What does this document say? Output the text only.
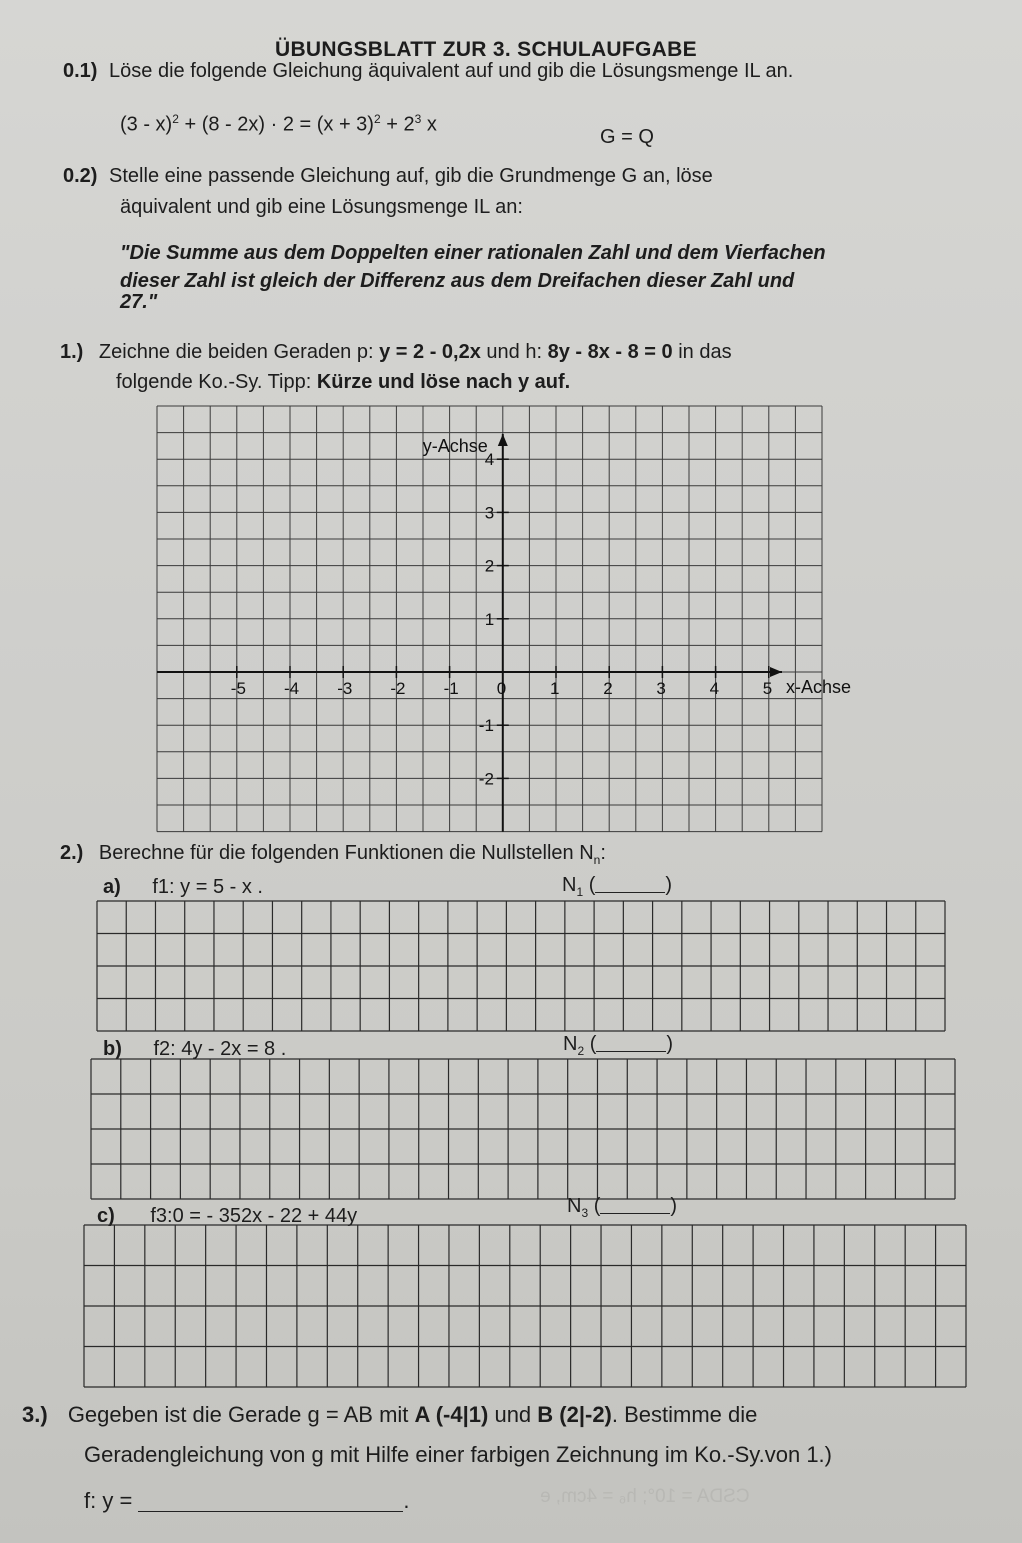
ÜBUNGSBLATT ZUR 3. SCHULAUFGABE
0.1) Löse die folgende Gleichung äquivalent auf und gib die Lösungsmenge IL an.
$(3 - x)^2 + (8 - 2x) \cdot 2 = (x + 3)^2 + 2^3$ x
G = Q
0.2) Stelle eine passende Gleichung auf, gib die Grundmenge G an, löse
äquivalent und gib eine Lösungsmenge IL an:
"Die Summe aus dem Doppelten einer rationalen Zahl und dem Vierfachen
dieser Zahl ist gleich der Differenz aus dem Dreifachen dieser Zahl und
27."
1.) Zeichne die beiden Geraden p: y = 2 - 0,2x und h: 8y - 8x - 8 = 0 in das
folgende Ko.-Sy. Tipp: Kürze und löse nach y auf.
-5 -4 -3 -2 -1 0	1	2	3	4	5
4
3
2
1
-1
-2
y-Achse
x-Achse
2.) Berechne für die folgenden Funktionen die Nullstellen $N_n$:
a) f1: y = 5 - x .	$N_1$ (	)
b) f2: 4y - 2x = 8 .	$N_2$ (	)
c) f3:0 = - 352x - 22 + 44y	$N_3$ (	)
3.) Gegeben ist die Gerade g = AB mit A (-4|1) und B (2|-2). Bestimme die
Geradengleichung von g mit Hilfe einer farbigen Zeichnung im Ko.-Sy.von 1.)
f: y =	.	CSDA = 10°; h₆ = 4cm, e
